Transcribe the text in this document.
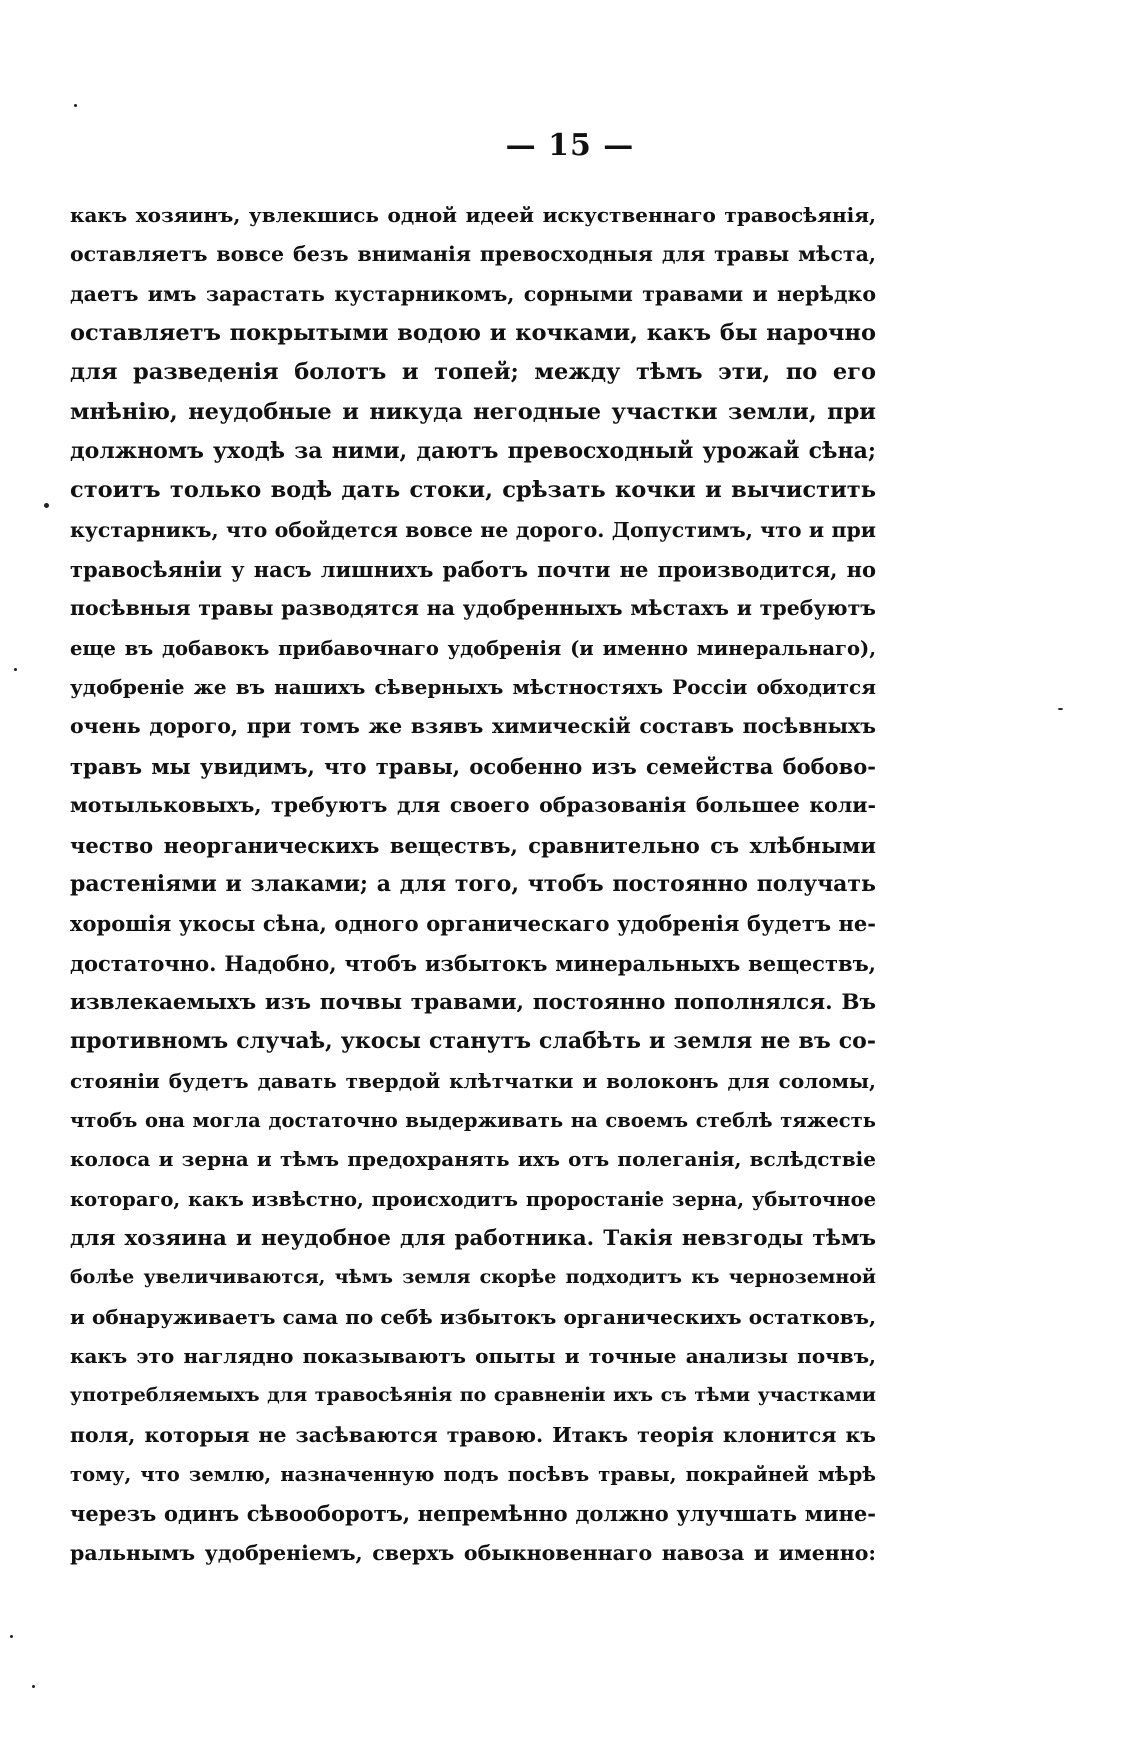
— 15 —
какъ хозяинъ, увлекшись одной идеей искуственнаго травосѣянія,
оставляетъ вовсе безъ вниманія превосходныя для травы мѣста,
даетъ имъ зарастать кустарникомъ, сорными травами и нерѣдко
оставляетъ покрытыми водою и кочками, какъ бы нарочно
для разведенія болотъ и топей; между тѣмъ эти, по его
мнѣнію, неудобные и никуда негодные участки земли, при
должномъ уходѣ за ними, даютъ превосходный урожай сѣна;
стоитъ только водѣ дать стоки, срѣзать кочки и вычистить
кустарникъ, что обойдется вовсе не дорого. Допустимъ, что и при
травосѣяніи у насъ лишнихъ работъ почти не производится, но
посѣвныя травы разводятся на удобренныхъ мѣстахъ и требуютъ
еще въ добавокъ прибавочнаго удобренія (и именно минеральнаго),
удобреніе же въ нашихъ сѣверныхъ мѣстностяхъ Россіи обходится
очень дорого, при томъ же взявъ химическій составъ посѣвныхъ
травъ мы увидимъ, что травы, особенно изъ семейства бобово-
мотыльковыхъ, требуютъ для своего образованія большее коли-
чество неорганическихъ веществъ, сравнительно съ хлѣбными
растеніями и злаками; а для того, чтобъ постоянно получать
хорошія укосы сѣна, одного органическаго удобренія будетъ не-
достаточно. Надобно, чтобъ избытокъ минеральныхъ веществъ,
извлекаемыхъ изъ почвы травами, постоянно пополнялся. Въ
противномъ случаѣ, укосы станутъ слабѣть и земля не въ со-
стояніи будетъ давать твердой клѣтчатки и волоконъ для соломы,
чтобъ она могла достаточно выдерживать на своемъ стеблѣ тяжесть
колоса и зерна и тѣмъ предохранять ихъ отъ полеганія, вслѣдствіе
котораго, какъ извѣстно, происходитъ проростаніе зерна, убыточное
для хозяина и неудобное для работника. Такія невзгоды тѣмъ
болѣе увеличиваются, чѣмъ земля скорѣе подходитъ къ черноземной
и обнаруживаетъ сама по себѣ избытокъ органическихъ остатковъ,
какъ это наглядно показываютъ опыты и точные анализы почвъ,
употребляемыхъ для травосѣянія по сравненіи ихъ съ тѣми участками
поля, которыя не засѣваются травою. Итакъ теорія клонится къ
тому, что землю, назначенную подъ посѣвъ травы, покрайней мѣрѣ
черезъ одинъ сѣвооборотъ, непремѣнно должно улучшать мине-
ральнымъ удобреніемъ, сверхъ обыкновеннаго навоза и именно:
